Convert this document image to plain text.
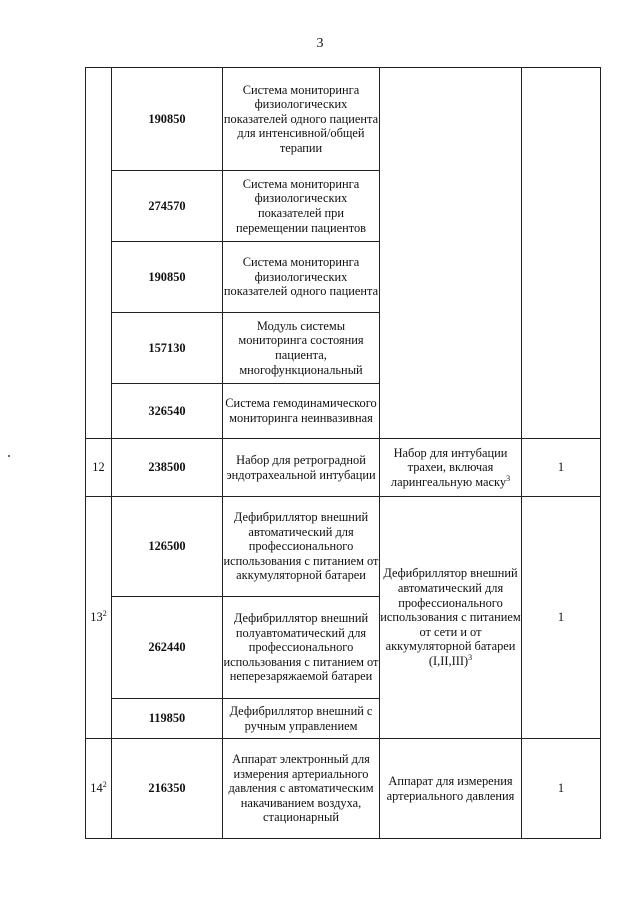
3
	190850	Система мониторинга физиологических показателей одного пациента для интенсивной/общей терапии		
	274570	Система мониторинга физиологических показателей при перемещении пациентов		
	190850	Система мониторинга физиологических показателей одного пациента		
	157130	Модуль системы мониторинга состояния пациента, многофункциональный		
	326540	Система гемодинамического мониторинга неинвазивная		
12	238500	Набор для ретроградной эндотрахеальной интубации	Набор для интубации трахеи, включая ларингеальную маску$^3$	1
$13^2$	126500	Дефибриллятор внешний автоматический для профессионального использования с питанием от аккумуляторной батареи	Дефибриллятор внешний автоматический для профессионального использования с питанием от сети и от аккумуляторной батареи $(I,II,III)^3$	1
	262440	Дефибриллятор внешний полуавтоматический для профессионального использования с питанием от неперезаряжаемой батареи		
	119850	Дефибриллятор внешний с ручным управлением		
$14^2$	216350	Аппарат электронный для измерения артериального давления с автоматическим накачиванием воздуха, стационарный	Аппарат для измерения артериального давления	1
